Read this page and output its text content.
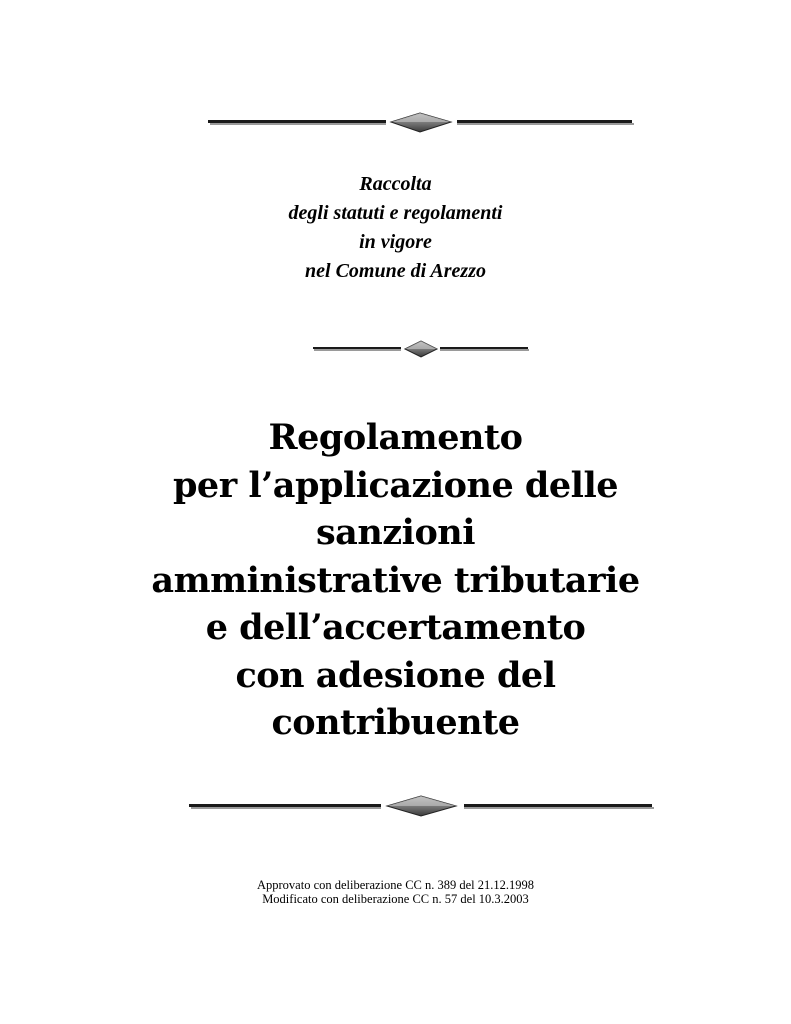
Raccolta
degli statuti e regolamenti
in vigore
nel Comune di Arezzo
Regolamento
per l’applicazione delle
sanzioni
amministrative tributarie
e dell’accertamento
con adesione del
contribuente
Approvato con deliberazione CC n. 389 del 21.12.1998
Modificato con deliberazione CC n. 57 del 10.3.2003
